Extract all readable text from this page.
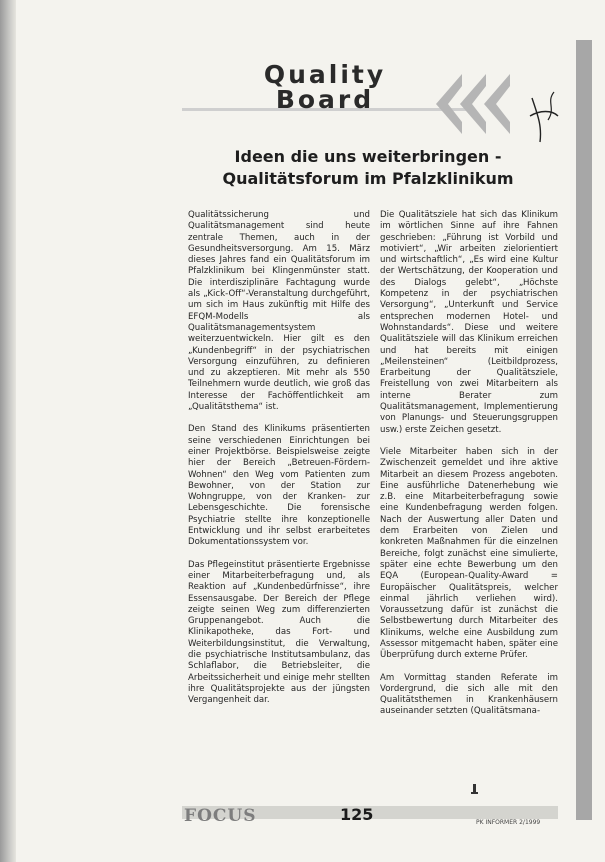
Quality
Board
Ideen die uns weiterbringen -
Qualitätsforum im Pfalzklinikum

Qualitätssicherung und Qualitätsmanagement sind heute zentrale Themen, auch in der Gesundheitsversorgung. Am 15. März dieses Jahres fand ein Qualitätsforum im Pfalzklinikum bei Klingenmünster statt. Die interdisziplinäre Fachtagung wurde als „Kick-Off“-Veranstaltung durchgeführt, um sich im Haus zukünftig mit Hilfe des EFQM-Modells als Qualitätsmanagementsystem weiterzuentwickeln. Hier gilt es den „Kundenbegriff“ in der psychiatrischen Versorgung einzuführen, zu definieren und zu akzeptieren. Mit mehr als 550 Teilnehmern wurde deutlich, wie groß das Interesse der Fachöffentlichkeit am „Qualitätsthema“ ist.

Den Stand des Klinikums präsentierten seine verschiedenen Einrichtungen bei einer Projektbörse. Beispielsweise zeigte hier der Bereich „Betreuen-Fördern-Wohnen“ den Weg vom Patienten zum Bewohner, von der Station zur Wohngruppe, von der Kranken- zur Lebensgeschichte. Die forensische Psychiatrie stellte ihre konzeptionelle Entwicklung und ihr selbst erarbeitetes Dokumentationssystem vor.

Das Pflegeinstitut präsentierte Ergebnisse einer Mitarbeiterbefragung und, als Reaktion auf „Kundenbedürfnisse“, ihre Essensausgabe. Der Bereich der Pflege zeigte seinen Weg zum differenzierten Gruppenangebot. Auch die Klinikapotheke, das Fort- und Weiterbildungsinstitut, die Verwaltung, die psychiatrische Institutsambulanz, das Schlaflabor, die Betriebsleiter, die Arbeitssicherheit und einige mehr stellten ihre Qualitätsprojekte aus der jüngsten Vergangenheit dar.

Die Qualitätsziele hat sich das Klinikum im wörtlichen Sinne auf ihre Fahnen geschrieben: „Führung ist Vorbild und motiviert“, „Wir arbeiten zielorientiert und wirtschaftlich“, „Es wird eine Kultur der Wertschätzung, der Kooperation und des Dialogs gelebt“, „Höchste Kompetenz in der psychiatrischen Versorgung“, „Unterkunft und Service entsprechen modernen Hotel- und Wohnstandards“. Diese und weitere Qualitätsziele will das Klinikum erreichen und hat bereits mit einigen „Meilensteinen“ (Leitbildprozess, Erarbeitung der Qualitätsziele, Freistellung von zwei Mitarbeitern als interne Berater zum Qualitätsmanagement, Implementierung von Planungs- und Steuerungsgruppen usw.) erste Zeichen gesetzt.

Viele Mitarbeiter haben sich in der Zwischenzeit gemeldet und ihre aktive Mitarbeit an diesem Prozess angeboten. Eine ausführliche Datenerhebung wie z.B. eine Mitarbeiterbefragung sowie eine Kundenbefragung werden folgen. Nach der Auswertung aller Daten und dem Erarbeiten von Zielen und konkreten Maßnahmen für die einzelnen Bereiche, folgt zunächst eine simulierte, später eine echte Bewerbung um den EQA (European-Quality-Award = Europäischer Qualitätspreis, welcher einmal jährlich verliehen wird). Voraussetzung dafür ist zunächst die Selbstbewertung durch Mitarbeiter des Klinikums, welche eine Ausbildung zum Assessor mitgemacht haben, später eine Überprüfung durch externe Prüfer.

Am Vormittag standen Referate im Vordergrund, die sich alle mit den Qualitätsthemen in Krankenhäusern auseinander setzten (Qualitätsmana-

FOCUS	125	PK INFORMER 2/1999
